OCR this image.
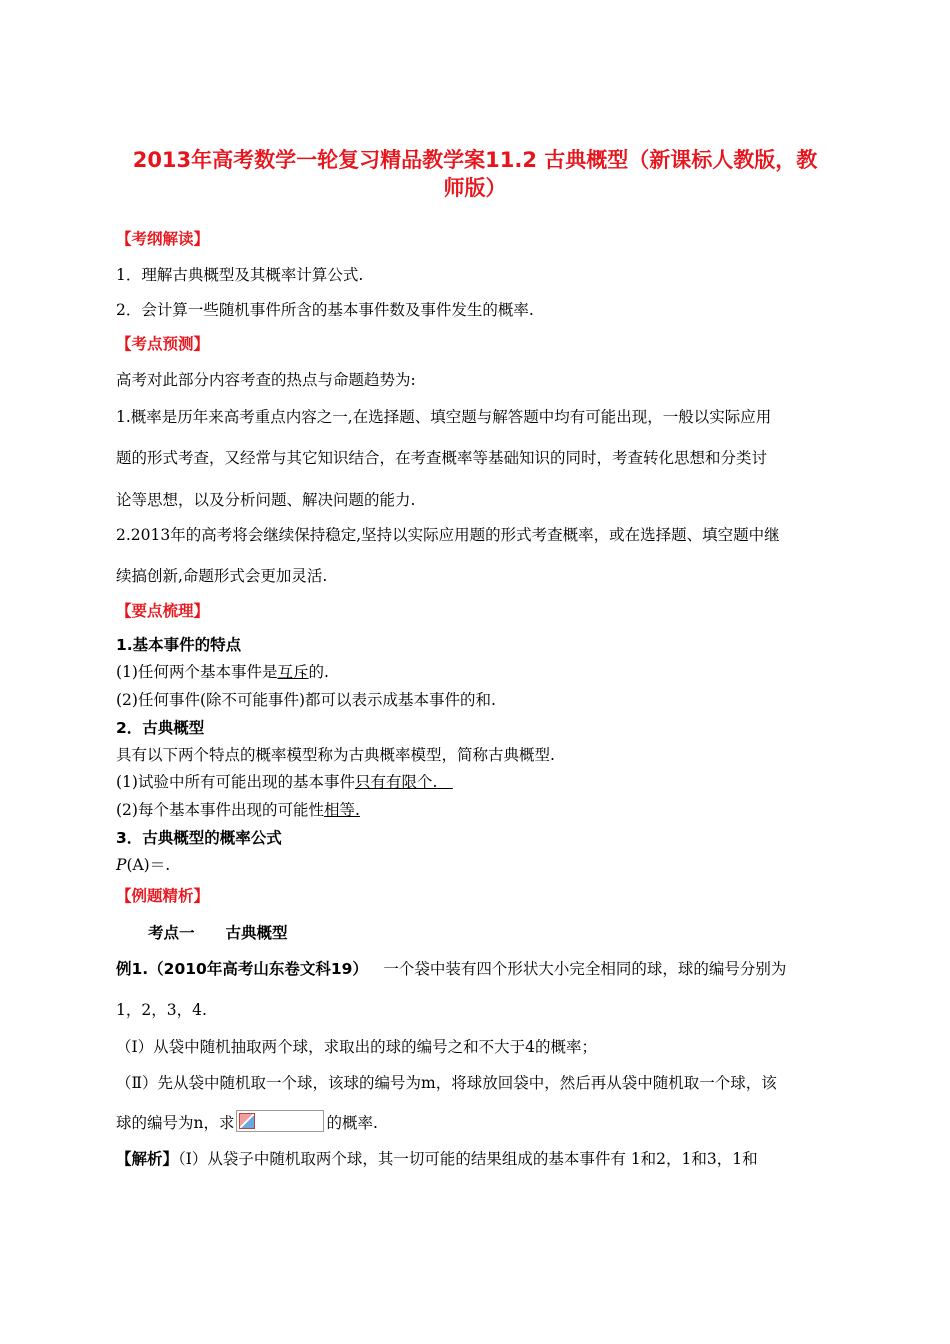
2013年高考数学一轮复习精品教学案11.2 古典概型（新课标人教版，教
师版）
【考纲解读】
1．理解古典概型及其概率计算公式.
2．会计算一些随机事件所含的基本事件数及事件发生的概率.
【考点预测】
高考对此部分内容考查的热点与命题趋势为:
1.概率是历年来高考重点内容之一,在选择题、填空题与解答题中均有可能出现，一般以实际应用
题的形式考查，又经常与其它知识结合，在考查概率等基础知识的同时，考查转化思想和分类讨
论等思想，以及分析问题、解决问题的能力.
2.2013年的高考将会继续保持稳定,坚持以实际应用题的形式考查概率，或在选择题、填空题中继
续搞创新,命题形式会更加灵活.
【要点梳理】
1.基本事件的特点
(1)任何两个基本事件是互斥的.
(2)任何事件(除不可能事件)都可以表示成基本事件的和.
2．古典概型
具有以下两个特点的概率模型称为古典概率模型，简称古典概型.
(1)试验中所有可能出现的基本事件只有有限个. 
(2)每个基本事件出现的可能性相等.
3．古典概型的概率公式
P(A)＝.
【例题精析】
考点一　　古典概型
例1.（2010年高考山东卷文科19）  一个袋中装有四个形状大小完全相同的球，球的编号分别为
1，2，3，4.
（Ⅰ）从袋中随机抽取两个球，求取出的球的编号之和不大于4的概率；
（Ⅱ）先从袋中随机取一个球，该球的编号为m，将球放回袋中，然后再从袋中随机取一个球，该
球的编号为n，求	的概率.
【解析】（I）从袋子中随机取两个球，其一切可能的结果组成的基本事件有 1和2，1和3，1和
